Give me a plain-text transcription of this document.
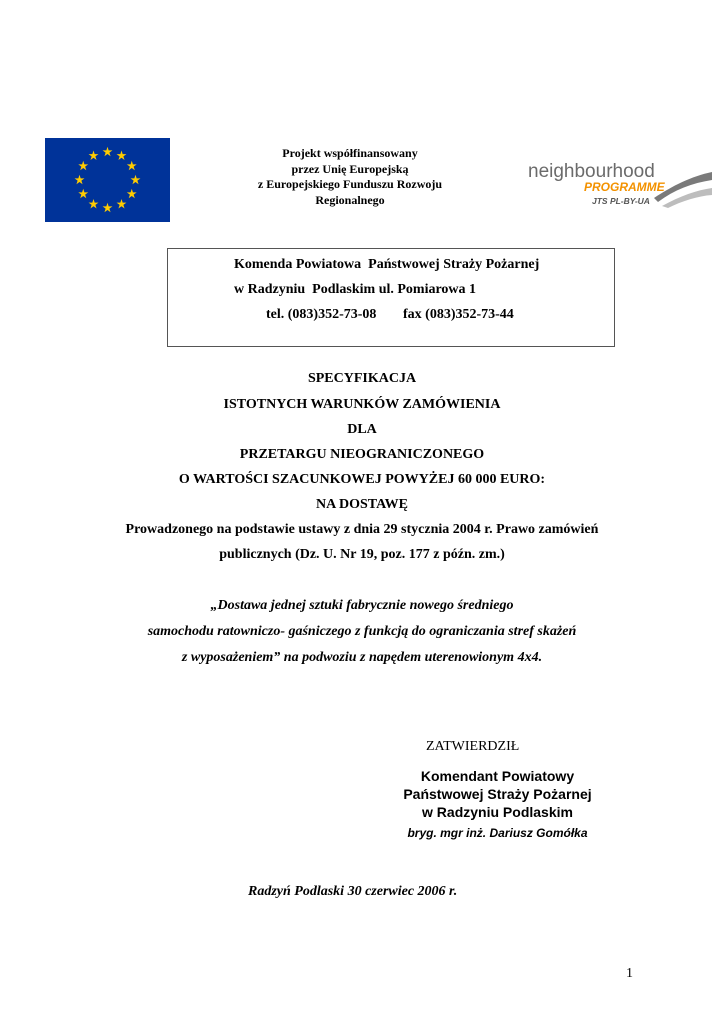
Projekt współfinansowany
przez Unię Europejską
z Europejskiego Funduszu Rozwoju
Regionalnego
neighbourhood
PROGRAMME
JTS PL-BY-UA
Komenda Powiatowa  Państwowej Straży Pożarnej
w Radzyniu  Podlaskim ul. Pomiarowa 1
tel. (083)352-73-08 fax (083)352-73-44
SPECYFIKACJA
ISTOTNYCH WARUNKÓW ZAMÓWIENIA
DLA
PRZETARGU NIEOGRANICZONEGO
O WARTOŚCI SZACUNKOWEJ POWYŻEJ 60 000 EURO:
NA DOSTAWĘ
Prowadzonego na podstawie ustawy z dnia 29 stycznia 2004 r. Prawo zamówień
publicznych (Dz. U. Nr 19, poz. 177 z późn. zm.)
„Dostawa jednej sztuki fabrycznie nowego średniego
samochodu ratowniczo- gaśniczego z funkcją do ograniczania stref skażeń
z wyposażeniem” na podwoziu z napędem uterenowionym 4x4.
ZATWIERDZIŁ
Komendant Powiatowy
Państwowej Straży Pożarnej
w Radzyniu Podlaskim
bryg. mgr inż. Dariusz Gomółka
Radzyń Podlaski 30 czerwiec 2006 r.
1
